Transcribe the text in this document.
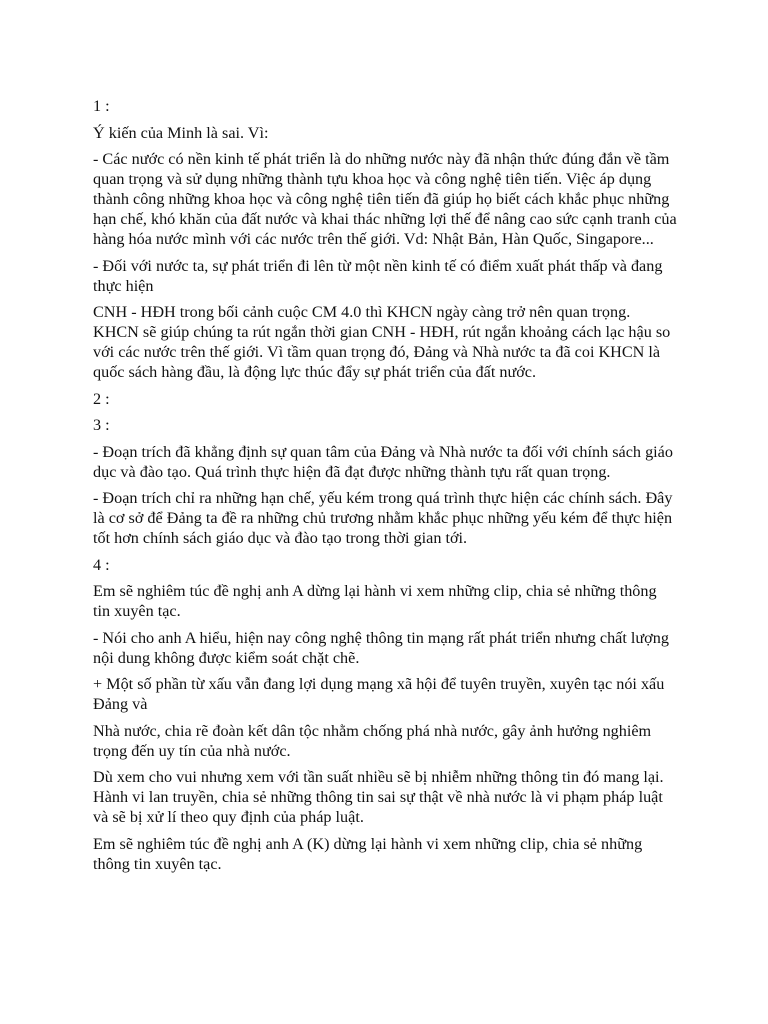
1 :

Ý kiến của Minh là sai. Vì:

- Các nước có nền kinh tế phát triển là do những nước này đã nhận thức đúng đắn về tầm quan trọng và sử dụng những thành tựu khoa học và công nghệ tiên tiến. Việc áp dụng thành công những khoa học và công nghệ tiên tiến đã giúp họ biết cách khắc phục những hạn chế, khó khăn của đất nước và khai thác những lợi thế để nâng cao sức cạnh tranh của hàng hóa nước mình với các nước trên thế giới. Vd: Nhật Bản, Hàn Quốc, Singapore...

- Đối với nước ta, sự phát triển đi lên từ một nền kinh tế có điểm xuất phát thấp và đang thực hiện

CNH - HĐH trong bối cảnh cuộc CM 4.0 thì KHCN ngày càng trở nên quan trọng. KHCN sẽ giúp chúng ta rút ngắn thời gian CNH - HĐH, rút ngắn khoảng cách lạc hậu so với các nước trên thế giới. Vì tầm quan trọng đó, Đảng và Nhà nước ta đã coi KHCN là quốc sách hàng đầu, là động lực thúc đẩy sự phát triển của đất nước.

2 :

3 :

- Đoạn trích đã khẳng định sự quan tâm của Đảng và Nhà nước ta đối với chính sách giáo dục và đào tạo. Quá trình thực hiện đã đạt được những thành tựu rất quan trọng.

- Đoạn trích chỉ ra những hạn chế, yếu kém trong quá trình thực hiện các chính sách. Đây là cơ sở để Đảng ta đề ra những chủ trương nhằm khắc phục những yếu kém để thực hiện tốt hơn chính sách giáo dục và đào tạo trong thời gian tới.

4 :

Em sẽ nghiêm túc đề nghị anh A dừng lại hành vi xem những clip, chia sẻ những thông tin xuyên tạc.

- Nói cho anh A hiểu, hiện nay công nghệ thông tin mạng rất phát triển nhưng chất lượng nội dung không được kiểm soát chặt chẽ.

+ Một số phần từ xấu vẫn đang lợi dụng mạng xã hội để tuyên truyền, xuyên tạc nói xấu Đảng và

Nhà nước, chia rẽ đoàn kết dân tộc nhằm chống phá nhà nước, gây ảnh hưởng nghiêm trọng đến uy tín của nhà nước.

Dù xem cho vui nhưng xem với tần suất nhiều sẽ bị nhiễm những thông tin đó mang lại. Hành vi lan truyền, chia sẻ những thông tin sai sự thật về nhà nước là vi phạm pháp luật và sẽ bị xử lí theo quy định của pháp luật.

Em sẽ nghiêm túc đề nghị anh A (K) dừng lại hành vi xem những clip, chia sẻ những thông tin xuyên tạc.
